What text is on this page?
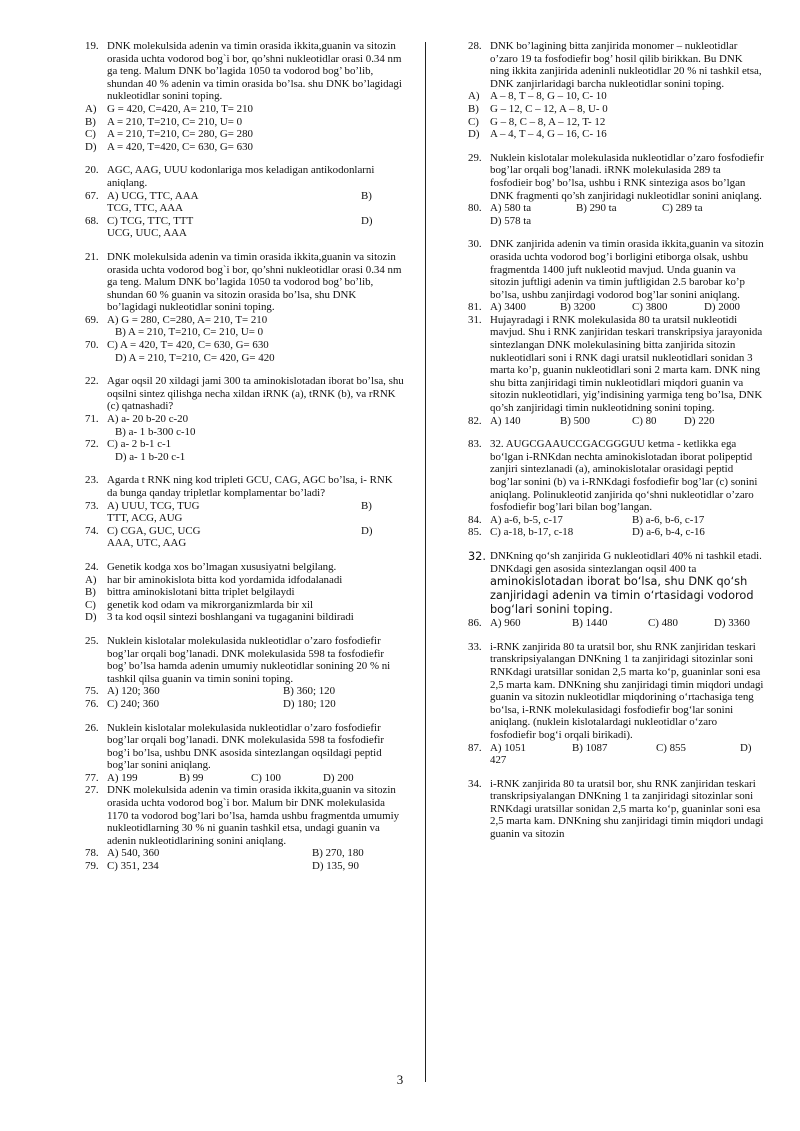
19. DNK molekulsida adenin va timin orasida ikkita,guanin va sitozin orasida uchta vodorod bog`i bor, qo’shni nukleotidlar orasi 0.34 nm ga teng. Malum DNK bo’lagida 1050 ta vodorod bog’ bo’lib, shundan 40 % adenin va timin orasida bo’lsa. shu DNK bo’lagidagi nukleotidlar sonini toping.
A) G = 420, C=420, A= 210, T= 210
B)	A = 210, T=210, C= 210, U= 0
C)	A = 210, T=210, C= 280, G= 280
D) A = 420, T=420, C= 630, G= 630
20. AGC, AAG, UUU kodonlariga mos keladigan antikodonlarni aniqlang.
67. A) UCG, TTC, AAA	B)
TCG, TTC, AAA
68. C) TCG, TTC, TTT	D)
UCG, UUC, AAA
21. DNK molekulsida adenin va timin orasida ikkita,guanin va sitozin orasida uchta vodorod bog`i bor, qo’shni nukleotidlar orasi 0.34 nm ga teng. Malum DNK bo’lagida 1050 ta vodorod bog’ bo’lib, shundan 60 % guanin va sitozin orasida bo’lsa, shu DNK bo’lagidagi nukleotidlar sonini toping.
69. A) G = 280, C=280, A= 210, T= 210
B) A = 210, T=210, C= 210, U= 0
70. C) A = 420, T= 420, C= 630, G= 630
D) A = 210, T=210, C= 420, G= 420
22. Agar oqsil 20 xildagi jami 300 ta aminokislotadan iborat bo’lsa, shu oqsilni sintez qilishga necha xildan iRNK (a), tRNK (b), va rRNK (c) qatnashadi?
71. A) a- 20 b-20 c-20
B) a- 1 b-300 c-10
72. C) a- 2 b-1 c-1
D) a- 1 b-20 c-1
23. Agarda t RNK ning kod tripleti GCU, CAG, AGC bo’lsa, i- RNK da bunga qanday tripletlar komplamentar bo’ladi?
73. A) UUU, TCG, TUG	B)
TTT, ACG, AUG
74. C) CGA, GUC, UCG	D)
AAA, UTC, AAG
24. Genetik kodga xos bo’lmagan xususiyatni belgilang.
A) har bir aminokislota bitta kod yordamida idfodalanadi
B)	bittra aminokislotani bitta triplet belgilaydi
C)	genetik kod odam va mikrorganizmlarda bir xil
D) 3 ta kod oqsil sintezi boshlangani va tugaganini bildiradi
25. Nuklein kislotalar molekulasida nukleotidlar o’zaro fosfodiefir bog’lar orqali bog’lanadi. DNK molekulasida 598 ta fosfodiefir bog’ bo’lsa hamda adenin umumiy nukleotidlar sonining 20 % ni tashkil qilsa guanin va timin sonini toping.
75. A) 120; 360	B) 360; 120
76. C) 240; 360	D) 180; 120
26. Nuklein kislotalar molekulasida nukleotidlar o’zaro fosfodiefir bog’lar orqali bog’lanadi. DNK molekulasida 598 ta fosfodiefir bog’i bo’lsa, ushbu DNK asosida sintezlangan oqsildagi peptid bog’lar sonini aniqlang.
77. A) 199	B) 99	C) 100	D) 200
27. DNK molekulsida adenin va timin orasida ikkita,guanin va sitozin orasida uchta vodorod bog`i bor. Malum bir DNK molekulasida 1170 ta vodorod bog’lari bo’lsa, hamda ushbu fragmentda umumiy nukleotidlarning 30 % ni guanin tashkil etsa, undagi guanin va adenin nukleotidlarining sonini aniqlang.
78. A) 540, 360	B) 270, 180
79. C) 351, 234	D) 135, 90
28. DNK bo’lagining bitta zanjirida monomer – nukleotidlar o’zaro 19 ta fosfodiefir bog’ hosil qilib birikkan. Bu DNK ning ikkita zanjirida adeninli nukleotidlar 20 % ni tashkil etsa, DNK zanjirlaridagi barcha nukleotidlar sonini toping.
A) A – 8, T – 8, G – 10, C- 10
B)	G – 12, C – 12, A – 8, U- 0
C)	G – 8, C – 8, A – 12, T- 12
D) A – 4, T – 4, G – 16, C- 16
29. Nuklein kislotalar molekulasida nukleotidlar o’zaro fosfodiefir bog’lar orqali bog’lanadi. iRNK molekulasida 289 ta fosfodieir bog’ bo’lsa, ushbu i RNK sinteziga asos bo’lgan DNK fragmenti qo’sh zanjiridagi nukleotidlar sonini aniqlang.
80. A) 580 ta	B) 290 ta	C) 289 ta
D) 578 ta
30. DNK zanjirida adenin va timin orasida ikkita,guanin va sitozin orasida uchta vodorod bog’i borligini etiborga olsak, ushbu fragmentda 1400 juft nukleotid mavjud. Unda guanin va sitozin juftligi adenin va timin juftligidan 2.5 barobar ko’p bo’lsa, ushbu zanjirdagi vodorod bog’lar sonini aniqlang.
81. A) 3400	B) 3200	C) 3800	D) 2000
31. Hujayradagi i RNK molekulasida 80 ta uratsil nukleotidi mavjud. Shu i RNK zanjiridan teskari transkripsiya jarayonida sintezlangan DNK molekulasining bitta zanjirida sitozin nukleotidlari soni i RNK dagi uratsil nukleotidlari sonidan 3 marta ko’p, guanin nukleotidlari soni 2 marta kam. DNK ning shu bitta zanjiridagi timin nukleotidlari miqdori guanin va sitozin nukleotidlari, yig’indisining yarmiga teng bo’lsa, DNK qo’sh zanjiridagi timin nukleotidning sonini toping.
82. A) 140	B) 500	C) 80	D) 220
83. 32. AUGCGAAUCCGACGGGUU ketma - ketlikka ega bo‘lgan i-RNKdan nechta aminokislotadan iborat polipeptid zanjiri sintezlanadi (a), aminokislotalar orasidagi peptid bog’lar sonini (b) va i-RNKdagi fosfodiefir bog’lar (c) sonini aniqlang. Polinukleotid zanjirida qo‘shni nukleotidlar o’zaro fosfodiefir bog’lari bilan bog’langan.
84. A) a-6, b-5, c-17	B) a-6, b-6, c-17
85. C) a-18, b-17, c-18	D) a-6, b-4, c-16
32. DNKning qo‘sh zanjirida G nukleotidlari 40% ni tashkil etadi. DNKdagi gen asosida sintezlangan oqsil 400 ta aminokislotadan iborat bo‘lsa, shu DNK qo‘sh zanjiridagi adenin va timin o‘rtasidagi vodorod bog‘lari sonini toping.
86. A) 960	B) 1440	C) 480	D) 3360
33. i-RNK zanjirida 80 ta uratsil bor, shu RNK zanjiridan teskari transkripsiyalangan DNKning 1 ta zanjiridagi sitozinlar soni RNKdagi uratsillar sonidan 2,5 marta ko‘p, guaninlar soni esa 2,5 marta kam. DNKning shu zanjiridagi timin miqdori undagi guanin va sitozin nukleotidlar miqdorining o‘rtachasiga teng bo‘lsa, i-RNK molekulasidagi fosfodiefir bog‘lar sonini aniqlang. (nuklein kislotalardagi nukleotidlar o‘zaro fosfodiefir bog‘i orqali birikadi).
87. A) 1051	B) 1087	C) 855	D)
427
34. i-RNK zanjirida 80 ta uratsil bor, shu RNK zanjiridan teskari transkripsiyalangan DNKning 1 ta zanjiridagi sitozinlar soni RNKdagi uratsillar sonidan 2,5 marta ko‘p, guaninlar soni esa 2,5 marta kam. DNKning shu zanjiridagi timin miqdori undagi guanin va sitozin
3
